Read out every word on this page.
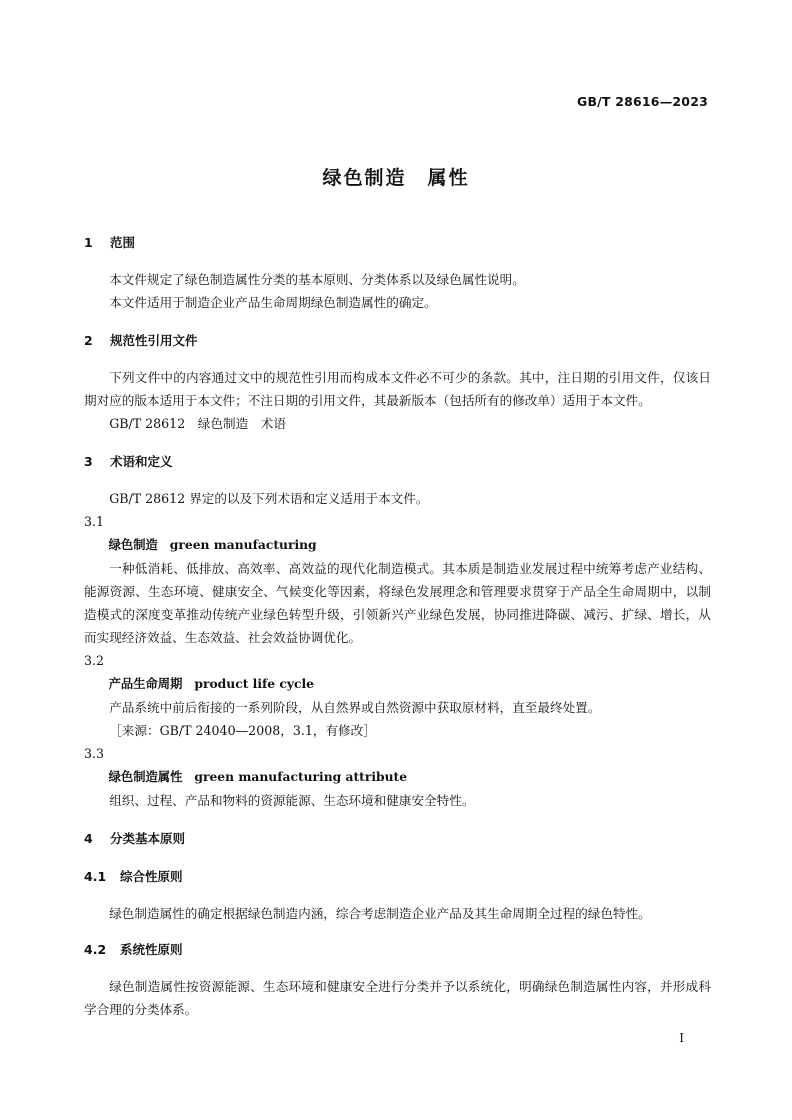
GB/T 28616—2023
绿色制造　属性
1 范围

本文件规定了绿色制造属性分类的基本原则、分类体系以及绿色属性说明。

本文件适用于制造企业产品生命周期绿色制造属性的确定。

2 规范性引用文件

下列文件中的内容通过文中的规范性引用而构成本文件必不可少的条款。其中，注日期的引用文件，仅该日期对应的版本适用于本文件；不注日期的引用文件，其最新版本（包括所有的修改单）适用于本文件。

GB/T 28612　绿色制造　术语

3 术语和定义

GB/T 28612 界定的以及下列术语和定义适用于本文件。

3.1

绿色制造 green manufacturing

一种低消耗、低排放、高效率、高效益的现代化制造模式。其本质是制造业发展过程中统筹考虑产业结构、能源资源、生态环境、健康安全、气候变化等因素，将绿色发展理念和管理要求贯穿于产品全生命周期中，以制造模式的深度变革推动传统产业绿色转型升级，引领新兴产业绿色发展，协同推进降碳、减污、扩绿、增长，从而实现经济效益、生态效益、社会效益协调优化。

3.2

产品生命周期 product life cycle

产品系统中前后衔接的一系列阶段，从自然界或自然资源中获取原材料，直至最终处置。

［来源：GB/T 24040—2008，3.1，有修改］

3.3

绿色制造属性 green manufacturing attribute

组织、过程、产品和物料的资源能源、生态环境和健康安全特性。

4 分类基本原则
4.1 综合性原则

绿色制造属性的确定根据绿色制造内涵，综合考虑制造企业产品及其生命周期全过程的绿色特性。

4.2 系统性原则

绿色制造属性按资源能源、生态环境和健康安全进行分类并予以系统化，明确绿色制造属性内容，并形成科学合理的分类体系。

I
